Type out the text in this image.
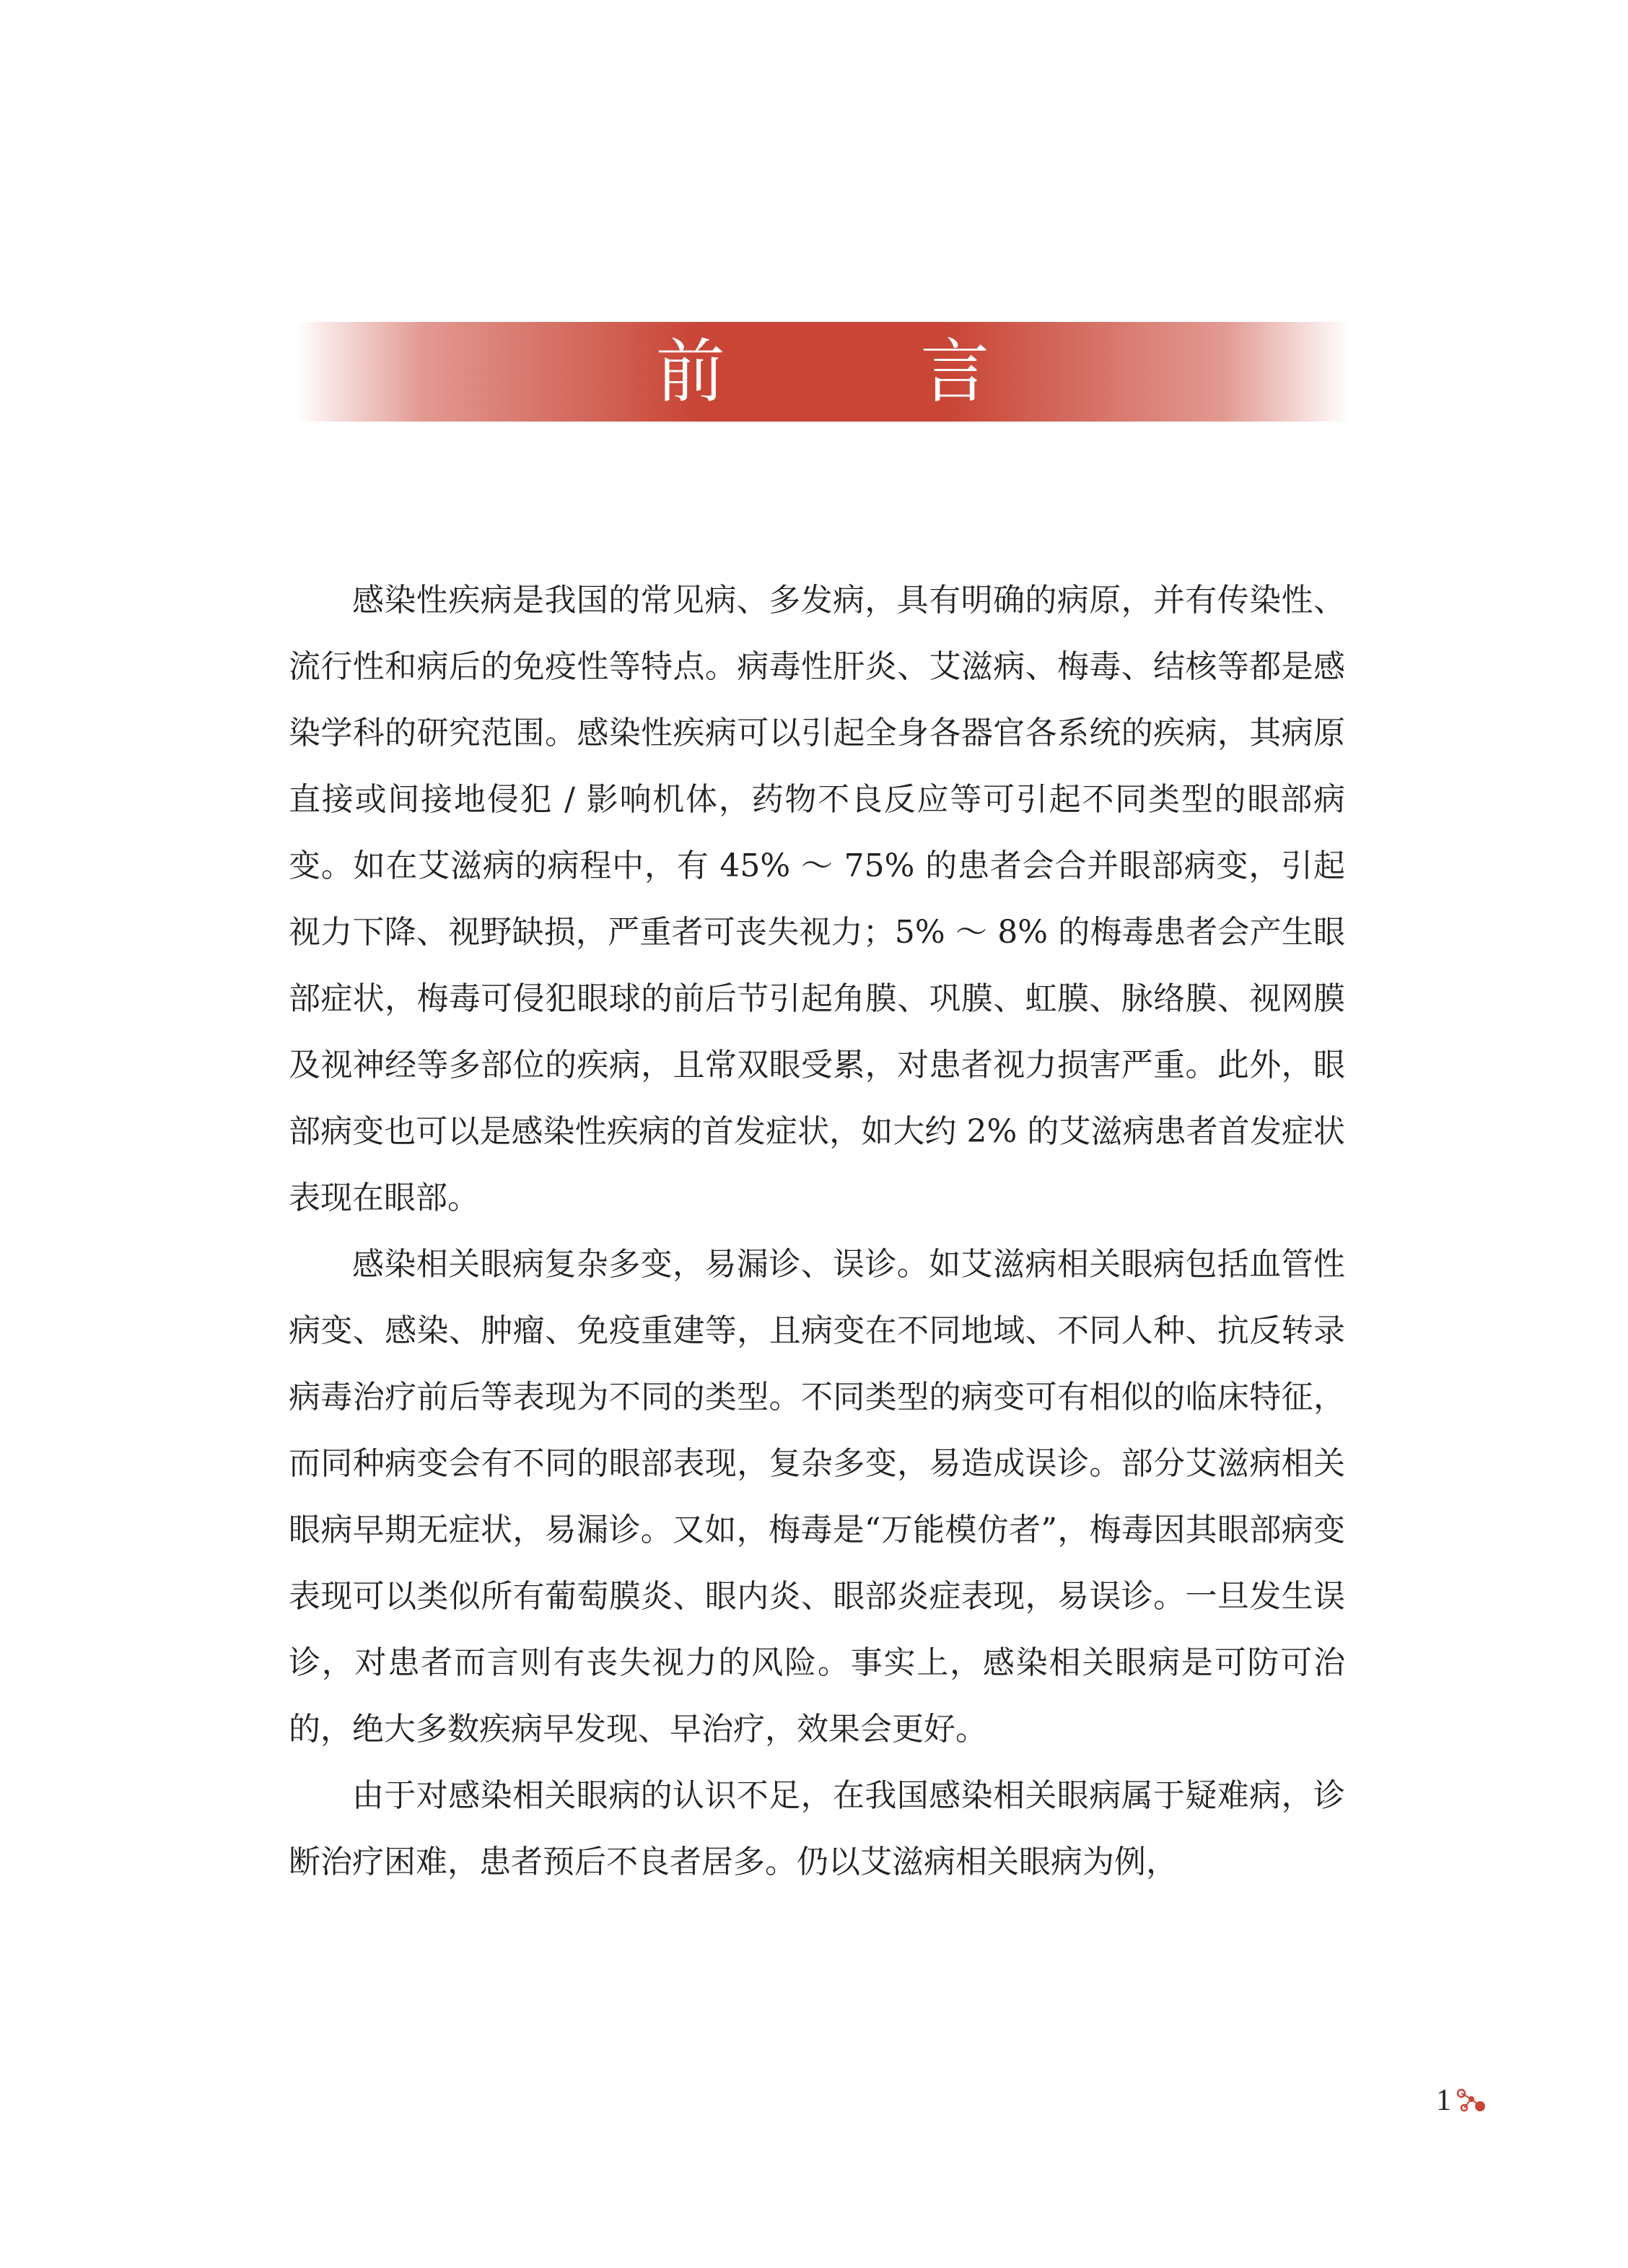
前 言

感染性疾病是我国的常见病、多发病，具有明确的病原，并有传染性、流行性和病后的免疫性等特点。病毒性肝炎、艾滋病、梅毒、结核等都是感染学科的研究范围。感染性疾病可以引起全身各器官各系统的疾病，其病原直接或间接地侵犯 / 影响机体，药物不良反应等可引起不同类型的眼部病变。如在艾滋病的病程中，有 45% ～ 75% 的患者会合并眼部病变，引起视力下降、视野缺损，严重者可丧失视力；5% ～ 8% 的梅毒患者会产生眼部症状，梅毒可侵犯眼球的前后节引起角膜、巩膜、虹膜、脉络膜、视网膜及视神经等多部位的疾病，且常双眼受累，对患者视力损害严重。此外，眼部病变也可以是感染性疾病的首发症状，如大约 2% 的艾滋病患者首发症状表现在眼部。

感染相关眼病复杂多变，易漏诊、误诊。如艾滋病相关眼病包括血管性病变、感染、肿瘤、免疫重建等，且病变在不同地域、不同人种、抗反转录病毒治疗前后等表现为不同的类型。不同类型的病变可有相似的临床特征，而同种病变会有不同的眼部表现，复杂多变，易造成误诊。部分艾滋病相关眼病早期无症状，易漏诊。又如，梅毒是“万能模仿者”，梅毒因其眼部病变表现可以类似所有葡萄膜炎、眼内炎、眼部炎症表现，易误诊。一旦发生误诊，对患者而言则有丧失视力的风险。事实上，感染相关眼病是可防可治的，绝大多数疾病早发现、早治疗，效果会更好。

由于对感染相关眼病的认识不足，在我国感染相关眼病属于疑难病，诊断治疗困难，患者预后不良者居多。仍以艾滋病相关眼病为例，

1
